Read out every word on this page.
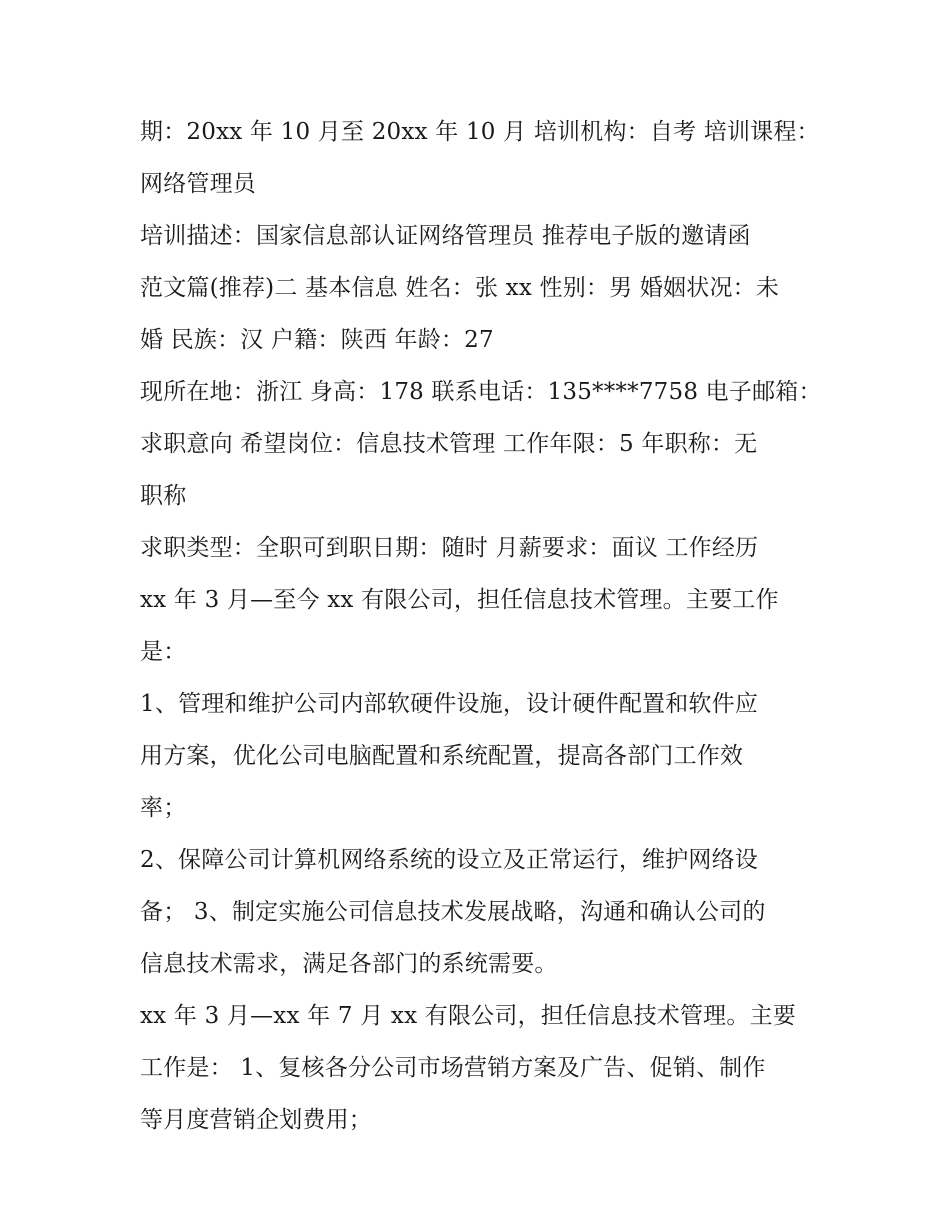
期：20xx 年 10 月至 20xx 年 10 月 培训机构：自考 培训课程：
网络管理员
培训描述：国家信息部认证网络管理员 推荐电子版的邀请函
范文篇(推荐)二 基本信息 姓名：张 xx 性别：男 婚姻状况：未
婚 民族：汉 户籍：陕西 年龄：27
现所在地：浙江 身高：178 联系电话：135****7758 电子邮箱：
求职意向 希望岗位：信息技术管理 工作年限：5 年职称：无
职称
求职类型：全职可到职日期：随时 月薪要求：面议 工作经历
xx 年 3 月—至今 xx 有限公司，担任信息技术管理。主要工作
是：
1、管理和维护公司内部软硬件设施，设计硬件配置和软件应
用方案，优化公司电脑配置和系统配置，提高各部门工作效
率；
2、保障公司计算机网络系统的设立及正常运行，维护网络设
备； 3、制定实施公司信息技术发展战略，沟通和确认公司的
信息技术需求，满足各部门的系统需要。
xx 年 3 月—xx 年 7 月 xx 有限公司，担任信息技术管理。主要
工作是： 1、复核各分公司市场营销方案及广告、促销、制作
等月度营销企划费用；
